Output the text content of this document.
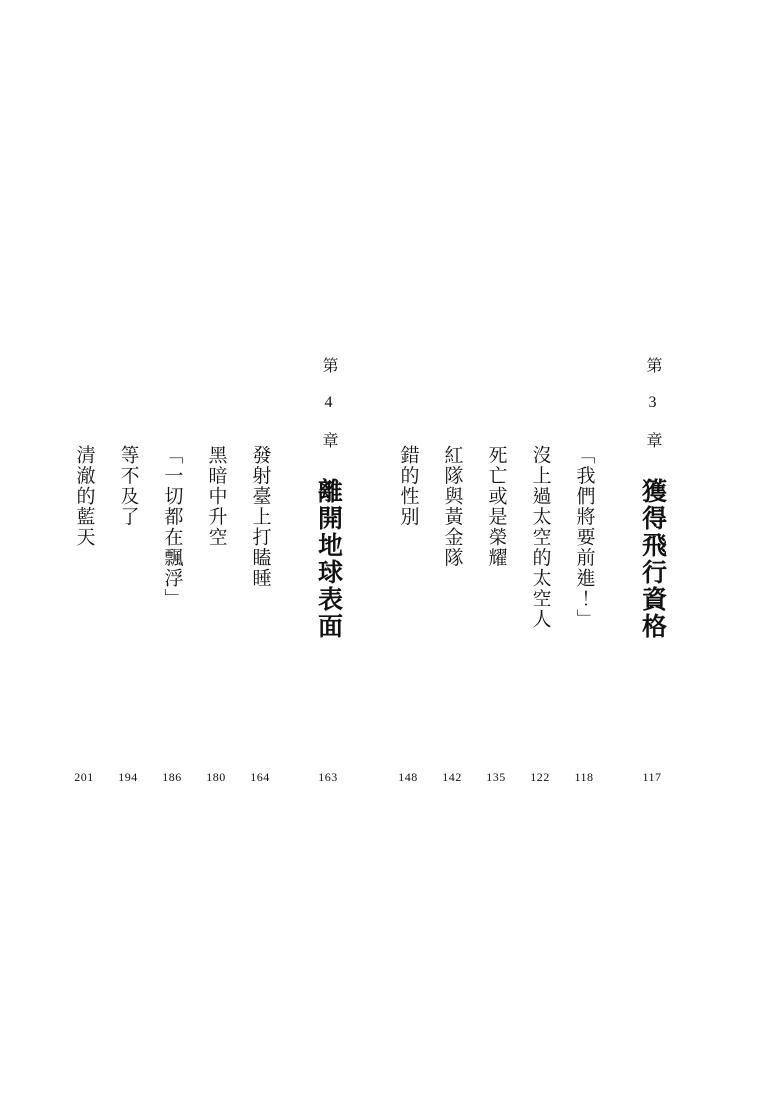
第 3 章
獲得飛行資格
117
「我們將要前進！」
118
沒上過太空的太空人
122
死亡或是榮耀
135
紅隊與黃金隊
142
錯的性別
148
第 4 章
離開地球表面
163
發射臺上打瞌睡
164
黑暗中升空
180
「一切都在飄浮」
186
等不及了
194
清澈的藍天
201
